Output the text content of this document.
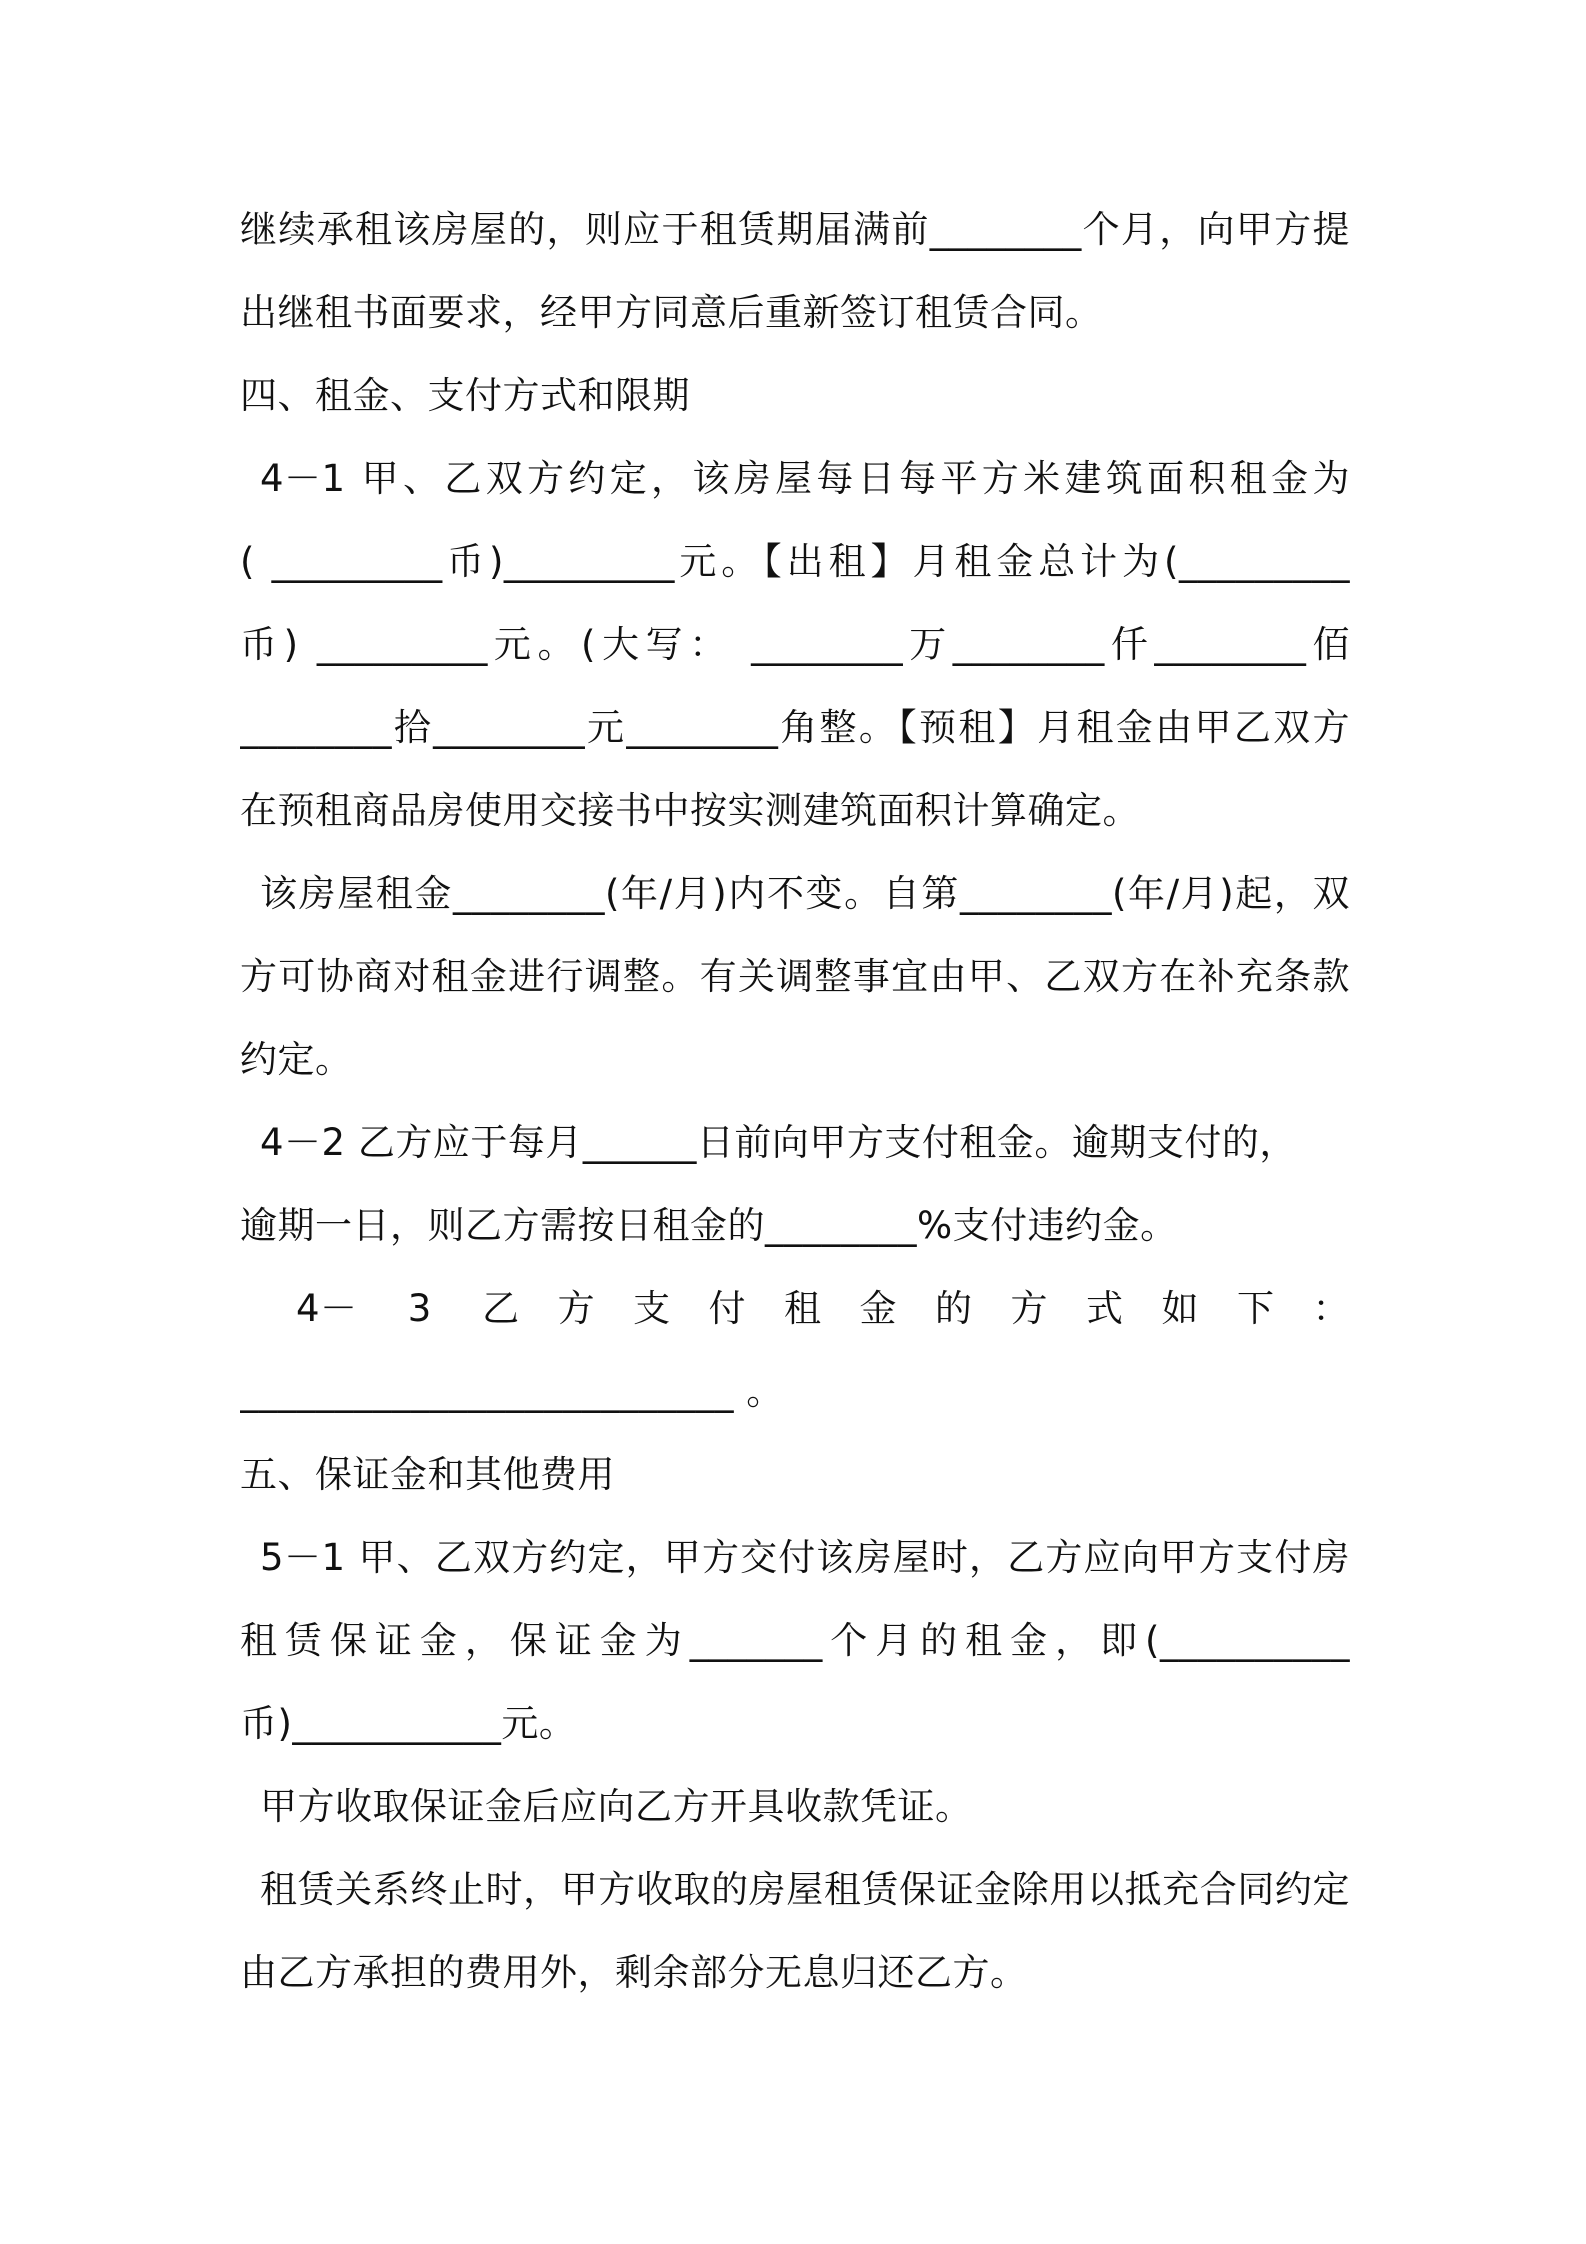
继续承租该房屋的，则应于租赁期届满前________个月，向甲方提
出继租书面要求，经甲方同意后重新签订租赁合同。
四、租金、支付方式和限期
4－1 甲、乙双方约定，该房屋每日每平方米建筑面积租金为
( _________币)_________元。【出租】月租金总计为(_________
币) _________元。(大写： ________万________仟________佰
________拾________元________角整。【预租】月租金由甲乙双方
在预租商品房使用交接书中按实测建筑面积计算确定。
该房屋租金________(年/月)内不变。自第________(年/月)起，双
方可协商对租金进行调整。有关调整事宜由甲、乙双方在补充条款
约定。
4－2 乙方应于每月______日前向甲方支付租金。逾期支付的，
逾期一日，则乙方需按日租金的________%支付违约金。
4－ 3 乙方支付租金的方式如下：
__________________________ 。
五、保证金和其他费用
5－1 甲、乙双方约定，甲方交付该房屋时，乙方应向甲方支付房
租赁保证金，保证金为_______个月的租金，即(__________
币)___________元。
甲方收取保证金后应向乙方开具收款凭证。
租赁关系终止时，甲方收取的房屋租赁保证金除用以抵充合同约定
由乙方承担的费用外，剩余部分无息归还乙方。
